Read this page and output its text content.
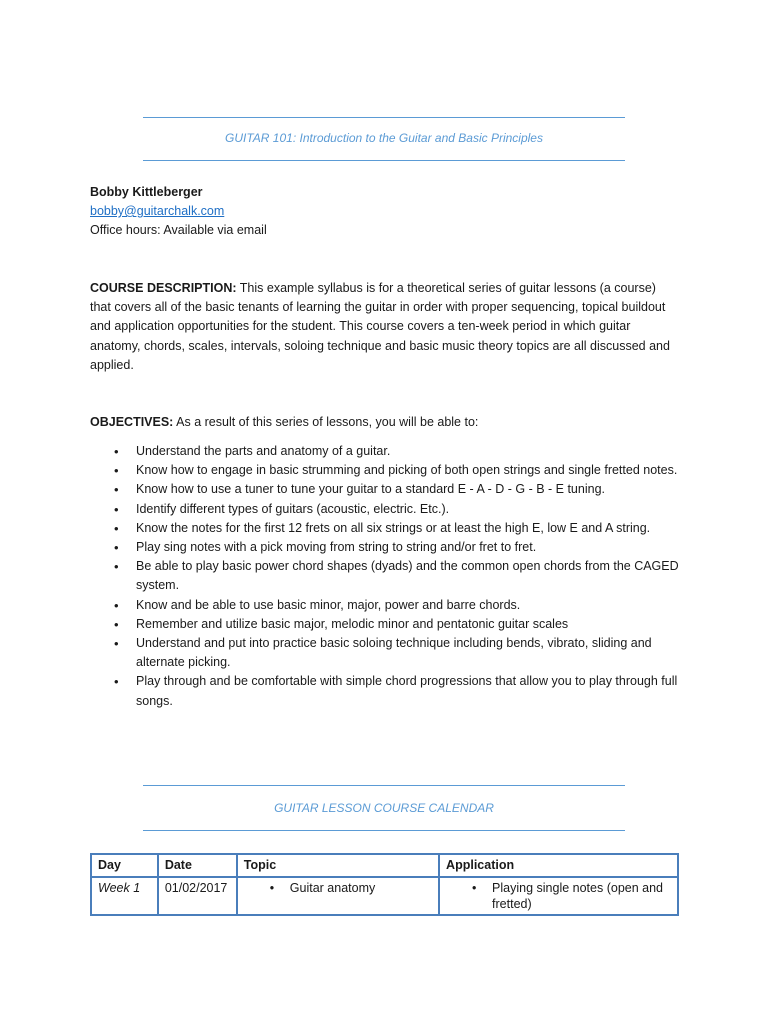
GUITAR 101: Introduction to the Guitar and Basic Principles
Bobby Kittleberger
bobby@guitarchalk.com
Office hours: Available via email
COURSE DESCRIPTION: This example syllabus is for a theoretical series of guitar lessons (a course) that covers all of the basic tenants of learning the guitar in order with proper sequencing, topical buildout and application opportunities for the student. This course covers a ten-week period in which guitar anatomy, chords, scales, intervals, soloing technique and basic music theory topics are all discussed and applied.
OBJECTIVES: As a result of this series of lessons, you will be able to:
• Understand the parts and anatomy of a guitar.
• Know how to engage in basic strumming and picking of both open strings and single fretted notes.
• Know how to use a tuner to tune your guitar to a standard E - A - D - G - B - E tuning.
• Identify different types of guitars (acoustic, electric. Etc.).
• Know the notes for the first 12 frets on all six strings or at least the high E, low E and A string.
• Play sing notes with a pick moving from string to string and/or fret to fret.
• Be able to play basic power chord shapes (dyads) and the common open chords from the CAGED system.
• Know and be able to use basic minor, major, power and barre chords.
• Remember and utilize basic major, melodic minor and pentatonic guitar scales
• Understand and put into practice basic soloing technique including bends, vibrato, sliding and alternate picking.
• Play through and be comfortable with simple chord progressions that allow you to play through full songs.
GUITAR LESSON COURSE CALENDAR
Day	Date	Topic	Application
Week 1	01/02/2017	• Guitar anatomy	• Playing single notes (open and fretted)
